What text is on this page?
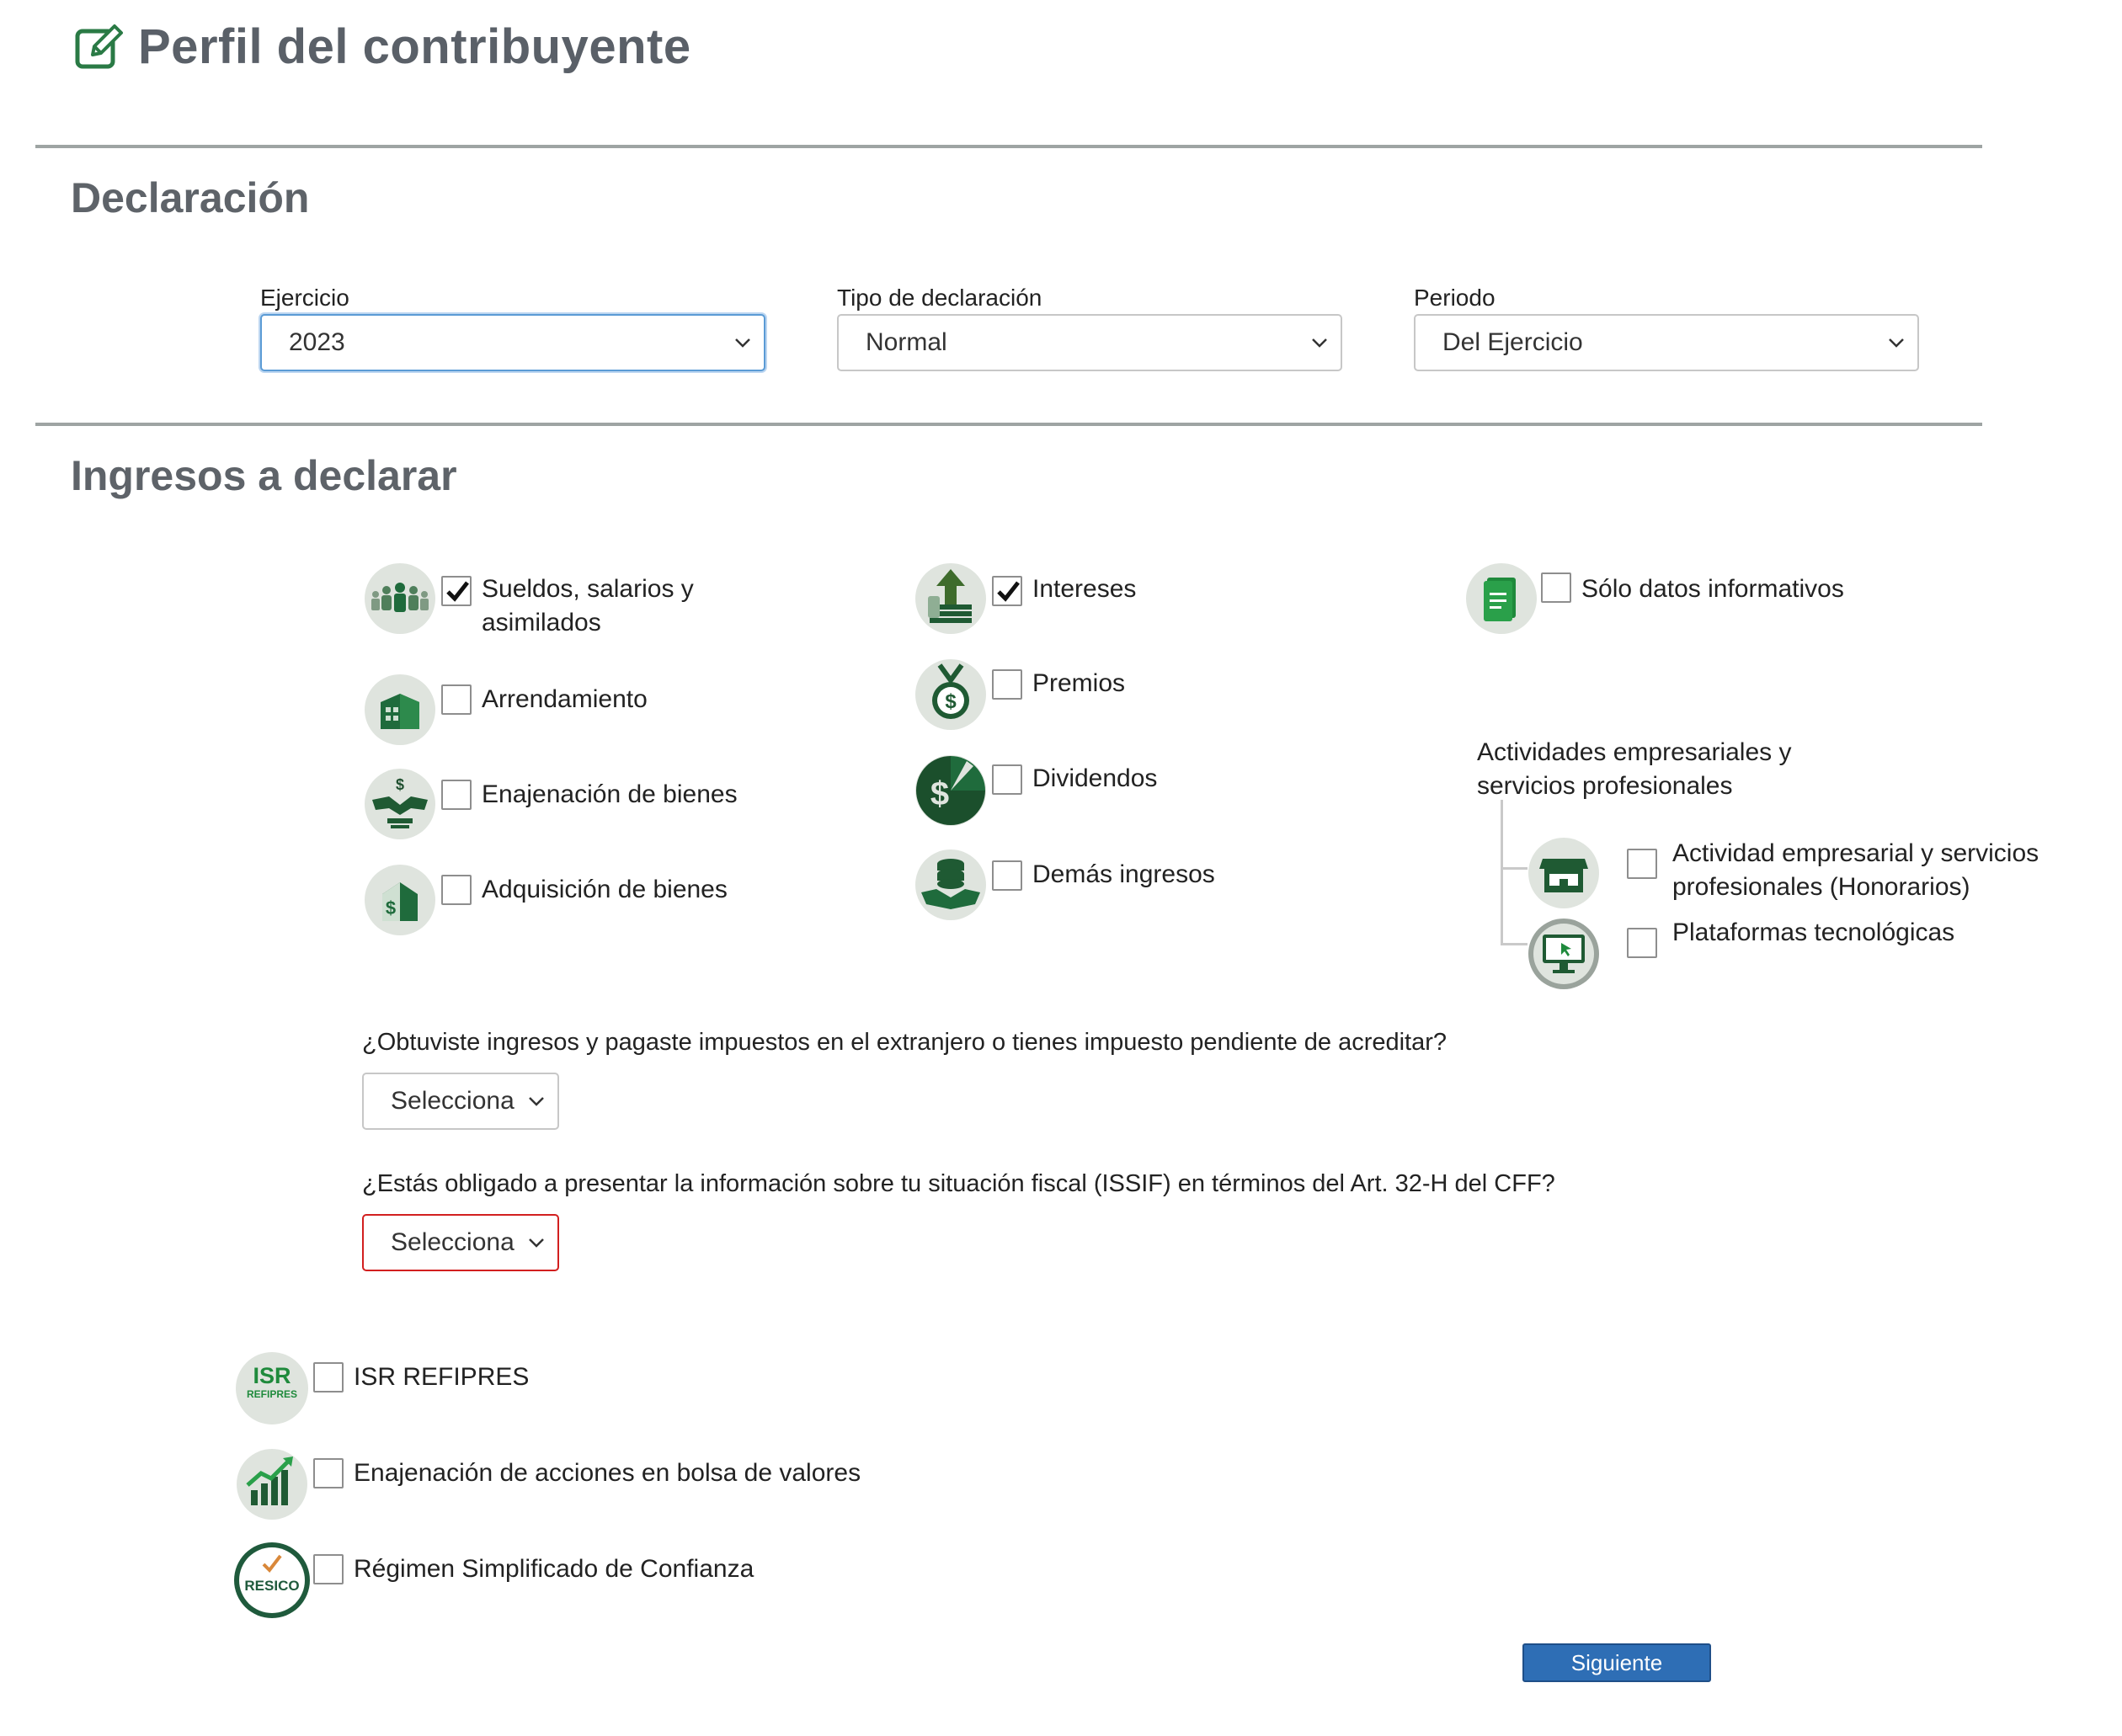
Perfil del contribuyente
Declaración
Ejercicio
2023
Tipo de declaración
Normal
Periodo
Del Ejercicio
Ingresos a declarar
Sueldos, salarios y asimilados
Arrendamiento
$	Enajenación de bienes
$
Adquisición de bienes
Intereses
$
Premios
$	Dividendos
Demás ingresos
Sólo datos informativos
Actividades empresariales y servicios profesionales
Actividad empresarial y servicios profesionales (Honorarios)
Plataformas tecnológicas
¿Obtuviste ingresos y pagaste impuestos en el extranjero o tienes impuesto pendiente de acreditar?
Selecciona
¿Estás obligado a presentar la información sobre tu situación fiscal (ISSIF) en términos del Art. 32-H del CFF?
Selecciona
ISR
REFIPRES
ISR REFIPRES
Enajenación de acciones en bolsa de valores
RESICO
Régimen Simplificado de Confianza
Siguiente
